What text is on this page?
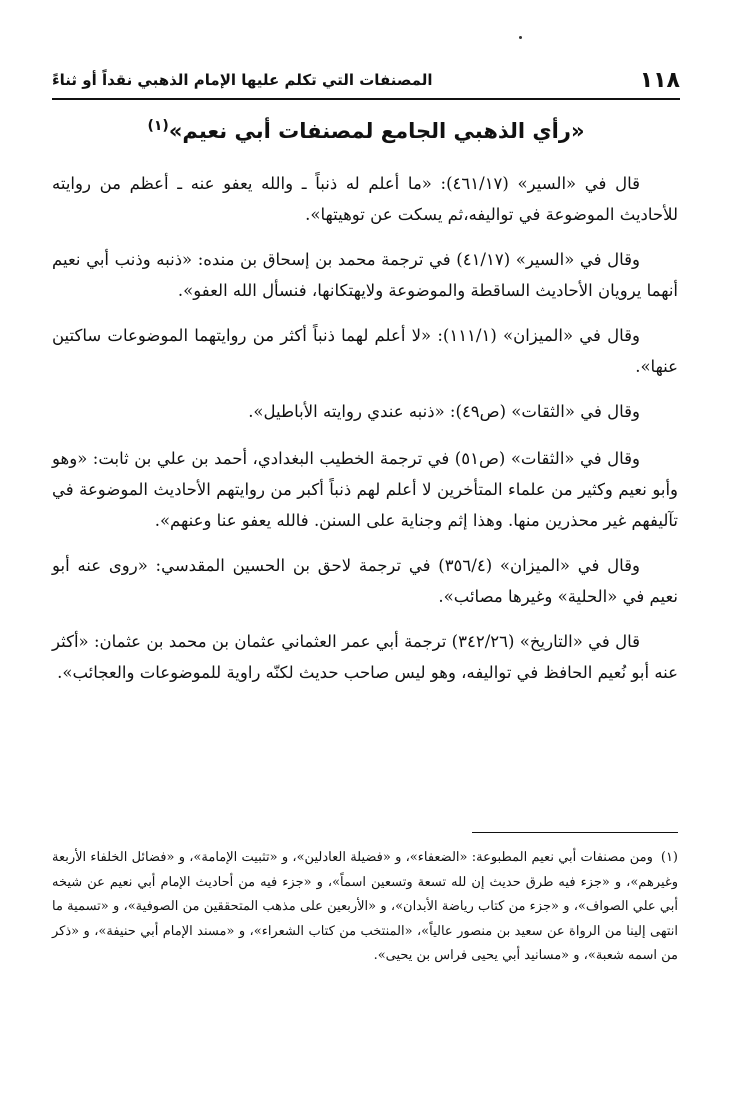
١١٨
المصنفات التي تكلم عليها الإمام الذهبي نقداً أو ثناءً
«رأي الذهبي الجامع لمصنفات أبي نعيم»$^{(١)}$

قال في «السير» (٤٦١/١٧): «ما أعلم له ذنباً ـ والله يعفو عنه ـ أعظم من روايته للأحاديث الموضوعة في تواليفه،ثم يسكت عن توهيتها».

وقال في «السير» (٤١/١٧) في ترجمة محمد بن إسحاق بن منده: «ذنبه وذنب أبي نعيم أنهما يرويان الأحاديث الساقطة والموضوعة ولايهتكانها، فنسأل الله العفو».

وقال في «الميزان» (١١١/١): «لا أعلم لهما ذنباً أكثر من روايتهما الموضوعات ساكتين عنها».

وقال في «الثقات» (ص٤٩): «ذنبه عندي روايته الأباطيل».

وقال في «الثقات» (ص٥١) في ترجمة الخطيب البغدادي، أحمد بن علي بن ثابت: «وهو وأبو نعيم وكثير من علماء المتأخرين لا أعلم لهم ذنباً أكبر من روايتهم الأحاديث الموضوعة في تآليفهم غير محذرين منها. وهذا إثم وجناية على السنن. فالله يعفو عنا وعنهم».

وقال في «الميزان» (٣٥٦/٤) في ترجمة لاحق بن الحسين المقدسي: «روى عنه أبو نعيم في «الحلية» وغيرها مصائب».

قال في «التاريخ» (٣٤٢/٢٦) ترجمة أبي عمر العثماني عثمان بن محمد بن عثمان: «أكثر عنه أبو نُعيم الحافظ في تواليفه، وهو ليس صاحب حديث لكنّه راوية للموضوعات والعجائب».

(١)ومن مصنفات أبي نعيم المطبوعة: «الضعفاء»، و «فضيلة العادلين»، و «تثبيت الإمامة»، و «فضائل الخلفاء الأربعة وغيرهم»، و «جزء فيه طرق حديث إن لله تسعة وتسعين اسماً»، و «جزء فيه من أحاديث الإمام أبي نعيم عن شيخه أبي علي الصواف»، و «جزء من كتاب رياضة الأبدان»، و «الأربعين على مذهب المتحققين من الصوفية»، و «تسمية ما انتهى إلينا من الرواة عن سعيد بن منصور عالياً»، «المنتخب من كتاب الشعراء»، و «مسند الإمام أبي حنيفة»، و «ذكر من اسمه شعبة»، و «مسانيد أبي يحيى فراس بن يحيى».
